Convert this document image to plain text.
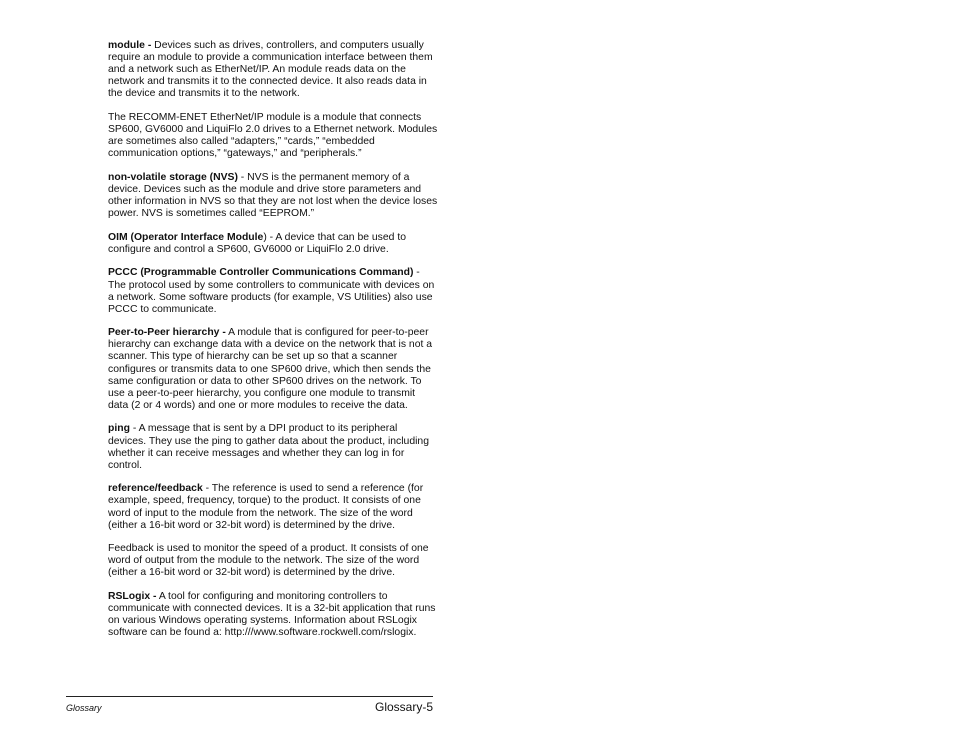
module - Devices such as drives, controllers, and computers usually require an module to provide a communication interface between them and a network such as EtherNet/IP. An module reads data on the network and transmits it to the connected device. It also reads data in the device and transmits it to the network.

The RECOMM-ENET EtherNet/IP module is a module that connects SP600, GV6000 and LiquiFlo 2.0 drives to a Ethernet network. Modules are sometimes also called “adapters,” “cards,” “embedded communication options,” “gateways,” and “peripherals.”

non-volatile storage (NVS) - NVS is the permanent memory of a device. Devices such as the module and drive store parameters and other information in NVS so that they are not lost when the device loses power. NVS is sometimes called “EEPROM.”

OIM (Operator Interface Module) - A device that can be used to configure and control a SP600, GV6000 or LiquiFlo 2.0 drive.

PCCC (Programmable Controller Communications Command) - The protocol used by some controllers to communicate with devices on a network. Some software products (for example, VS Utilities) also use PCCC to communicate.

Peer-to-Peer hierarchy - A module that is configured for peer-to-peer hierarchy can exchange data with a device on the network that is not a scanner. This type of hierarchy can be set up so that a scanner configures or transmits data to one SP600 drive, which then sends the same configuration or data to other SP600 drives on the network. To use a peer-to-peer hierarchy, you configure one module to transmit data (2 or 4 words) and one or more modules to receive the data.

ping - A message that is sent by a DPI product to its peripheral devices. They use the ping to gather data about the product, including whether it can receive messages and whether they can log in for control.

reference/feedback - The reference is used to send a reference (for example, speed, frequency, torque) to the product. It consists of one word of input to the module from the network. The size of the word (either a 16-bit word or 32-bit word) is determined by the drive.

Feedback is used to monitor the speed of a product. It consists of one word of output from the module to the network. The size of the word (either a 16-bit word or 32-bit word) is determined by the drive.

RSLogix - A tool for configuring and monitoring controllers to communicate with connected devices. It is a 32-bit application that runs on various Windows operating systems. Information about RSLogix software can be found a: http:///www.software.rockwell.com/rslogix.

Glossary	Glossary-5
